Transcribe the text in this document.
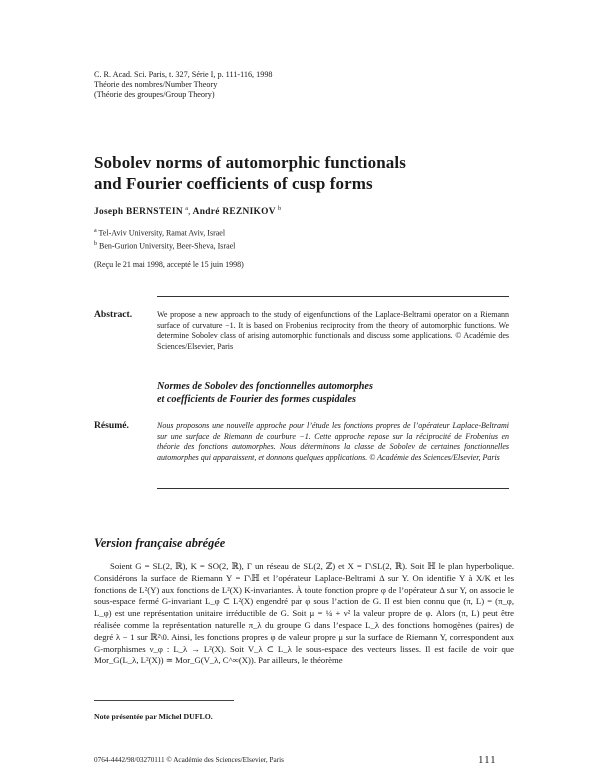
C. R. Acad. Sci. Paris, t. 327, Série I, p. 111-116, 1998
Théorie des nombres/Number Theory
(Théorie des groupes/Group Theory)
Sobolev norms of automorphic functionals
and Fourier coefficients of cusp forms
Joseph BERNSTEIN $^a$, André REZNIKOV $^b$
$^a$ Tel-Aviv University, Ramat Aviv, Israel
$^b$ Ben-Gurion University, Beer-Sheva, Israel
(Reçu le 21 mai 1998, accepté le 15 juin 1998)
Abstract.	We propose a new approach to the study of eigenfunctions of the Laplace-Beltrami operator on a Riemann surface of curvature −1. It is based on Frobenius reciprocity from the theory of automorphic functions. We determine Sobolev class of arising automorphic functionals and discuss some applications. © Académie des Sciences/Elsevier, Paris
Normes de Sobolev des fonctionnelles automorphes
et coefficients de Fourier des formes cuspidales
Résumé.	Nous proposons une nouvelle approche pour l’étude les fonctions propres de l’opérateur Laplace-Beltrami sur une surface de Riemann de courbure −1. Cette approche repose sur la réciprocité de Frobenius en théorie des fonctions automorphes. Nous déterminons la classe de Sobolev de certaines fonctionnelles automorphes qui apparaissent, et donnons quelques applications. © Académie des Sciences/Elsevier, Paris
Version française abrégée

Soient G = SL(2, ℝ), K = SO(2, ℝ), Γ un réseau de SL(2, ℤ) et X = Γ\SL(2, ℝ). Soit ℍ le plan hyperbolique. Considérons la surface de Riemann Y = Γ\ℍ et l’opérateur Laplace-Beltrami Δ sur Y. On identifie Y à X/K et les fonctions de L²(Y) aux fonctions de L²(X) K-invariantes. À toute fonction propre φ de l’opérateur Δ sur Y, on associe le sous-espace fermé G-invariant L_φ ⊂ L²(X) engendré par φ sous l’action de G. Il est bien connu que (π, L) = (π_φ, L_φ) est une représentation unitaire irréductible de G. Soit μ = ¼ + ν² la valeur propre de φ. Alors (π, L) peut être réalisée comme la représentation naturelle π_λ du groupe G dans l’espace L_λ des fonctions homogènes (paires) de degré λ − 1 sur ℝ²\0. Ainsi, les fonctions propres φ de valeur propre μ sur la surface de Riemann Y, correspondent aux G-morphismes ν_φ : L_λ → L²(X). Soit V_λ ⊂ L_λ le sous-espace des vecteurs lisses. Il est facile de voir que Mor_G(L_λ, L²(X)) ≃ Mor_G(V_λ, C^∞(X)). Par ailleurs, le théorème

Note présentée par Michel DUFLO.
0764-4442/98/03270111 © Académie des Sciences/Elsevier, Paris	111
